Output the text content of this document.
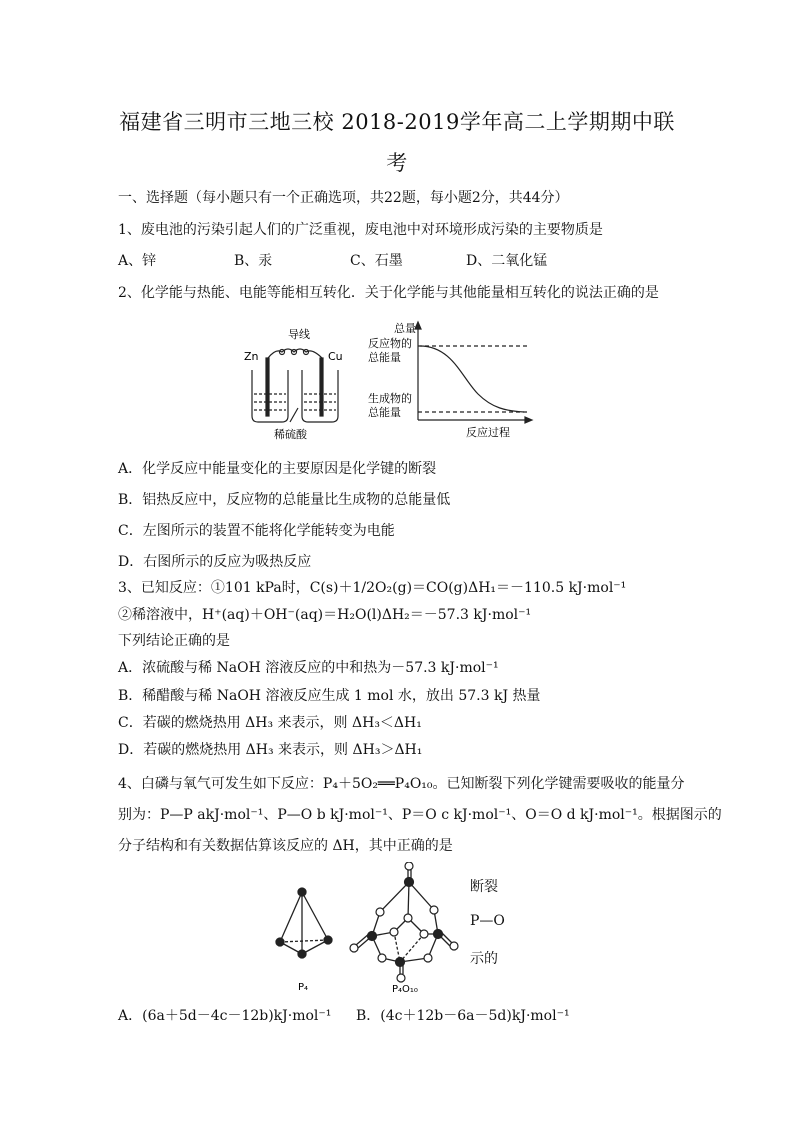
福建省三明市三地三校 2018-2019学年高二上学期期中联
考
一、选择题（每小题只有一个正确选项，共22题，每小题2分，共44分）
1、废电池的污染引起人们的广泛重视，废电池中对环境形成污染的主要物质是
A、锌	B、汞	C、石墨	D、二氧化锰
2、化学能与热能、电能等能相互转化．关于化学能与其他能量相互转化的说法正确的是
导线
Zn	Cu
稀硫酸
总量
反应物的
总能量
生成物的
总能量
反应过程
A．化学反应中能量变化的主要原因是化学键的断裂
B．铝热反应中，反应物的总能量比生成物的总能量低
C．左图所示的装置不能将化学能转变为电能
D．右图所示的反应为吸热反应
3、已知反应：①101 kPa时，C(s)＋1/2O₂(g)＝CO(g)ΔH₁＝－110.5 kJ·mol⁻¹
②稀溶液中，H⁺(aq)＋OH⁻(aq)＝H₂O(l)ΔH₂＝－57.3 kJ·mol⁻¹
下列结论正确的是
A．浓硫酸与稀 NaOH 溶液反应的中和热为－57.3 kJ·mol⁻¹
B．稀醋酸与稀 NaOH 溶液反应生成 1 mol 水，放出 57.3 kJ 热量
C．若碳的燃烧热用 ΔH₃ 来表示，则 ΔH₃＜ΔH₁
D．若碳的燃烧热用 ΔH₃ 来表示，则 ΔH₃＞ΔH₁
4、白磷与氧气可发生如下反应：P₄＋5O₂══P₄O₁₀。已知断裂下列化学键需要吸收的能量分
别为：P—P akJ·mol⁻¹、P—O b kJ·mol⁻¹、P＝O c kJ·mol⁻¹、O＝O d kJ·mol⁻¹。根据图示的
分子结构和有关数据估算该反应的 ΔH，其中正确的是
P₄	P₄O₁₀
断裂
P—O
示的
A．(6a＋5d－4c－12b)kJ·mol⁻¹ B．(4c＋12b－6a－5d)kJ·mol⁻¹
